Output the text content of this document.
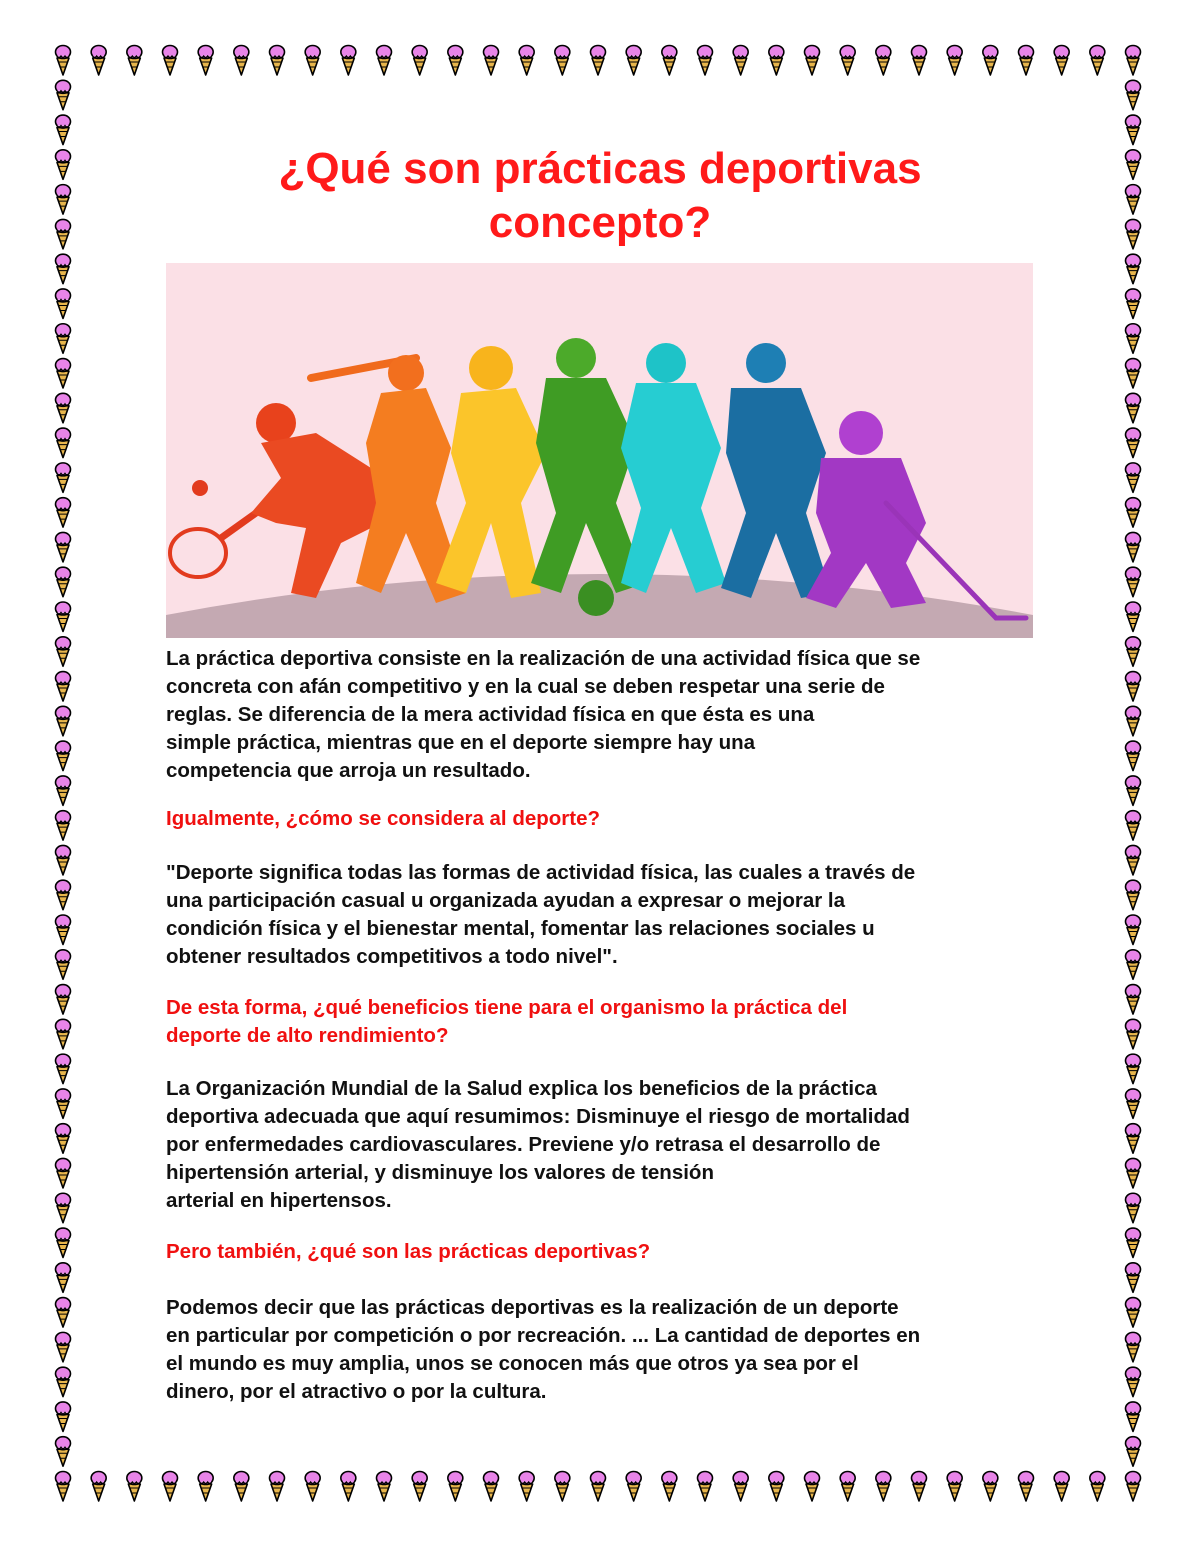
¿Qué son prácticas deportivas
concepto?
La práctica deportiva consiste en la realización de una actividad física que se
concreta con afán competitivo y en la cual se deben respetar una serie de
reglas. Se diferencia de la mera actividad física en que ésta es una
simple práctica, mientras que en el deporte siempre hay una
competencia que arroja un resultado.
Igualmente, ¿cómo se considera al deporte?
"Deporte significa todas las formas de actividad física, las cuales a través de
una participación casual u organizada ayudan a expresar o mejorar la
condición física y el bienestar mental, fomentar las relaciones sociales u
obtener resultados competitivos a todo nivel".
De esta forma, ¿qué beneficios tiene para el organismo la práctica del
deporte de alto rendimiento?
La Organización Mundial de la Salud explica los beneficios de la práctica
deportiva adecuada que aquí resumimos: Disminuye el riesgo de mortalidad
por enfermedades cardiovasculares. Previene y/o retrasa el desarrollo de
hipertensión arterial, y disminuye los valores de tensión
arterial en hipertensos.
Pero también, ¿qué son las prácticas deportivas?
Podemos decir que las prácticas deportivas es la realización de un deporte
en particular por competición o por recreación. ... La cantidad de deportes en
el mundo es muy amplia, unos se conocen más que otros ya sea por el
dinero, por el atractivo o por la cultura.
